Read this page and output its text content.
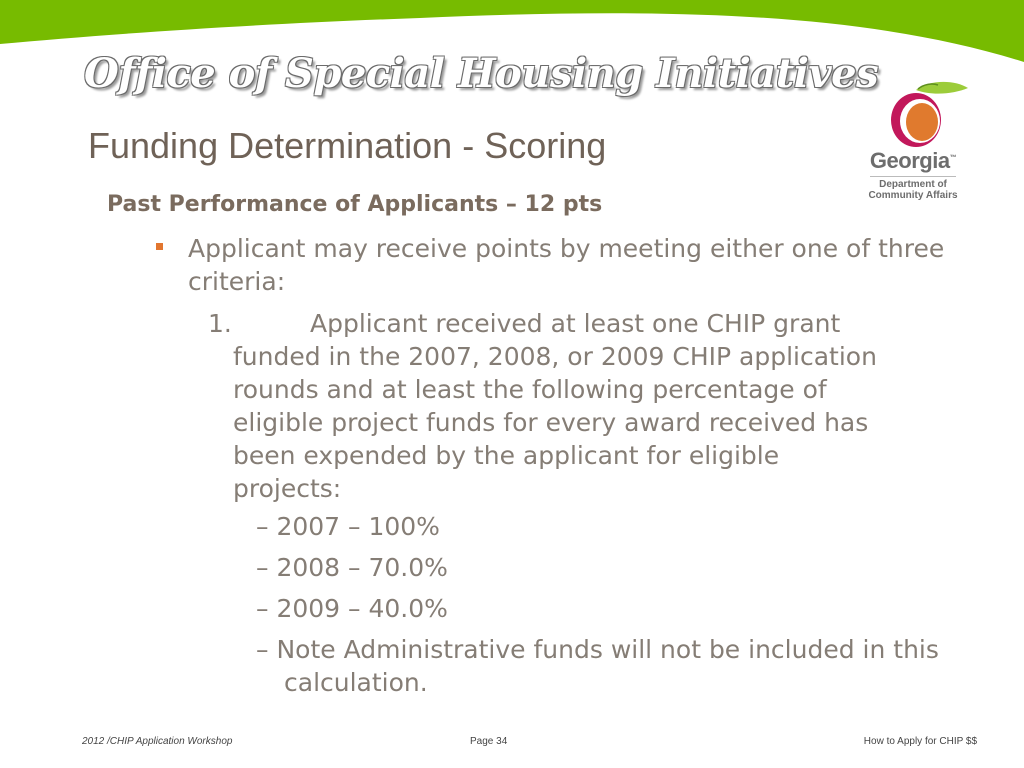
Office of Special Housing Initiatives
Funding Determination - Scoring	Georgia™
Department of
Community Affairs
Past Performance of Applicants – 12 pts

Applicant may receive points by meeting either one of three criteria:

1.	Applicant received at least one CHIP grant funded in the 2007, 2008, or 2009 CHIP application rounds and at least the following percentage of eligible project funds for every award received has been expended by the applicant for eligible projects:

– 2007 – 100%

– 2008 – 70.0%

– 2009 – 40.0%

– Note Administrative funds will not be included in this calculation.

2012 /CHIP Application Workshop	Page 34	How to Apply for CHIP $$
